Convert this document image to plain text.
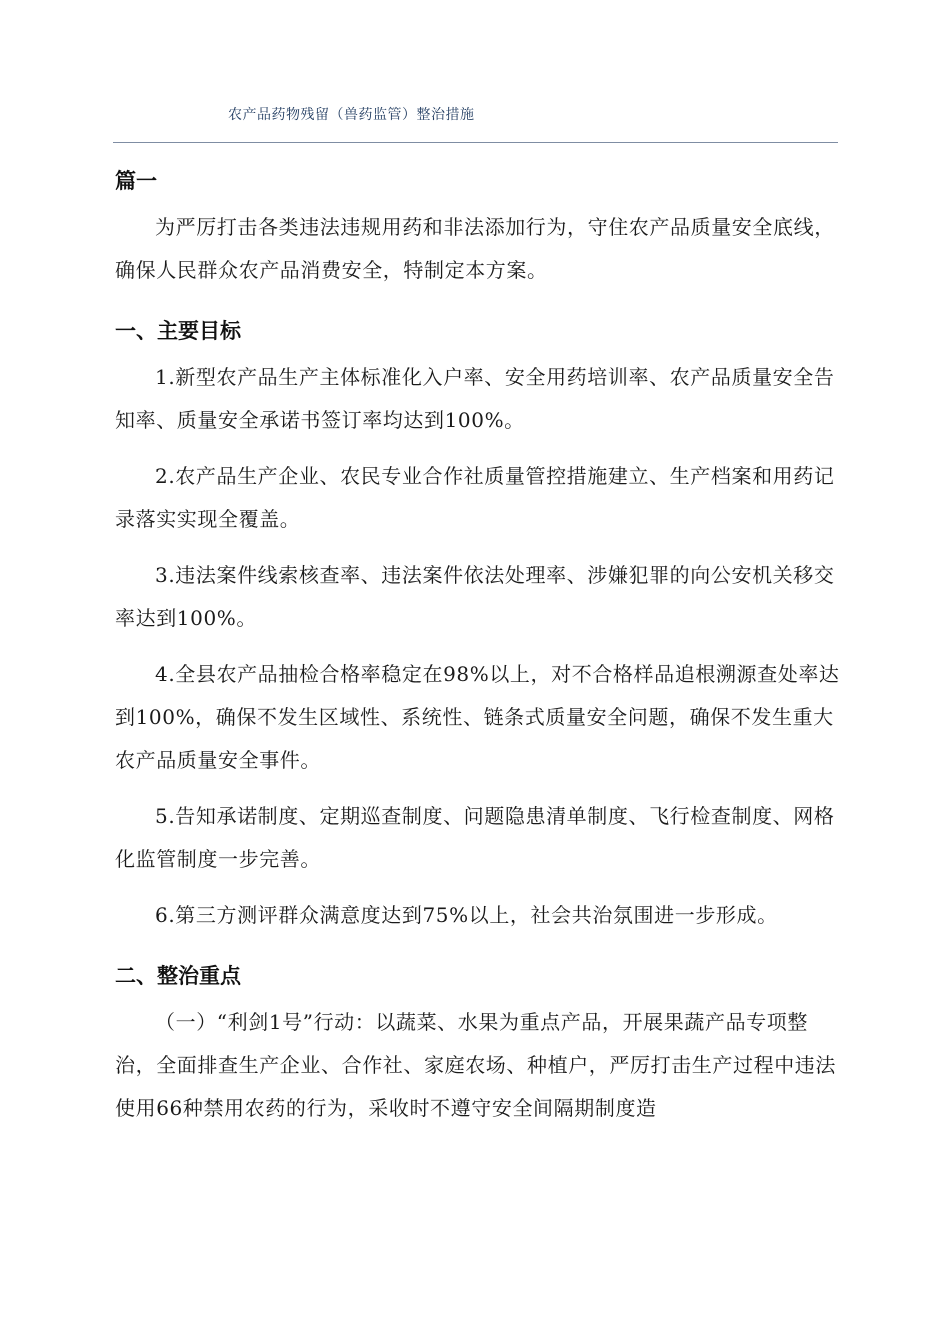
农产品药物残留（兽药监管）整治措施
篇一

为严厉打击各类违法违规用药和非法添加行为，守住农产品质量安全底线，确保人民群众农产品消费安全，特制定本方案。

一、主要目标

1.新型农产品生产主体标准化入户率、安全用药培训率、农产品质量安全告知率、质量安全承诺书签订率均达到100%。

2.农产品生产企业、农民专业合作社质量管控措施建立、生产档案和用药记录落实实现全覆盖。

3.违法案件线索核查率、违法案件依法处理率、涉嫌犯罪的向公安机关移交率达到100%。

4.全县农产品抽检合格率稳定在98%以上，对不合格样品追根溯源查处率达到100%，确保不发生区域性、系统性、链条式质量安全问题，确保不发生重大农产品质量安全事件。

5.告知承诺制度、定期巡查制度、问题隐患清单制度、飞行检查制度、网格化监管制度一步完善。

6.第三方测评群众满意度达到75%以上，社会共治氛围进一步形成。

二、整治重点

（一）“利剑1号”行动：以蔬菜、水果为重点产品，开展果蔬产品专项整治，全面排查生产企业、合作社、家庭农场、种植户，严厉打击生产过程中违法使用66种禁用农药的行为，采收时不遵守安全间隔期制度造
